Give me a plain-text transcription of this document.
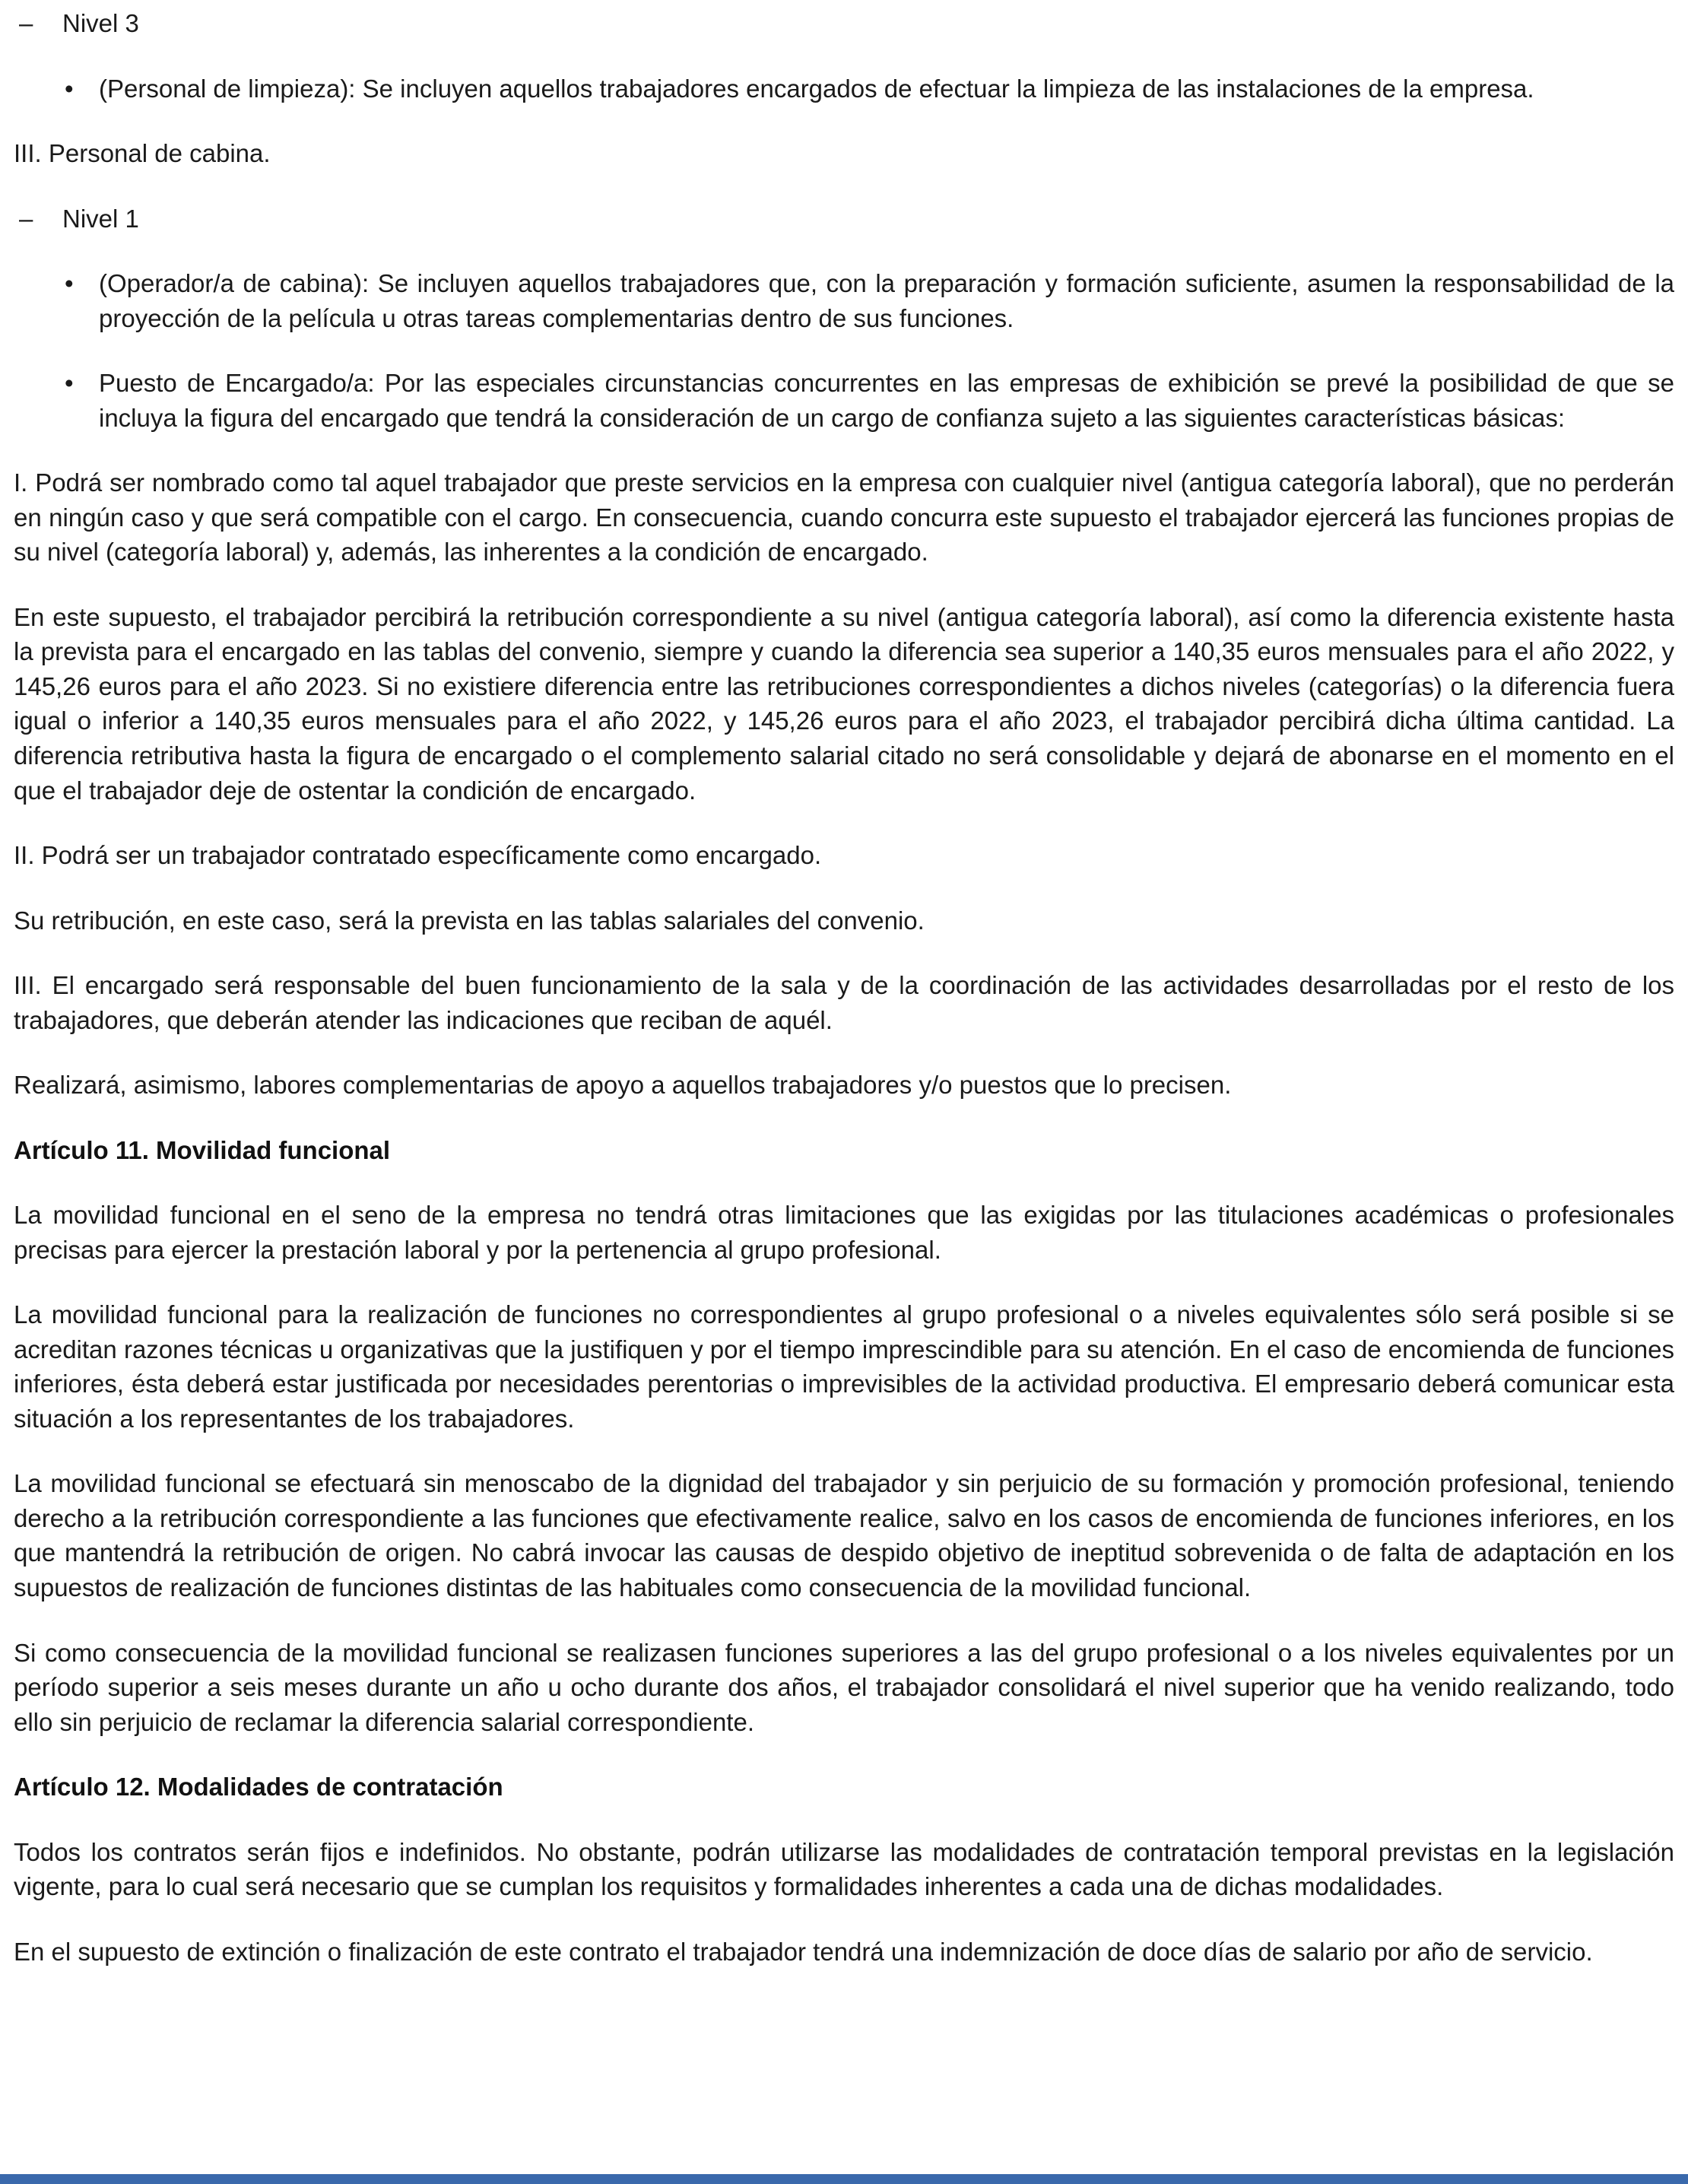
–	Nivel 3
•	(Personal de limpieza): Se incluyen aquellos trabajadores encargados de efectuar la limpieza de las instalaciones de la empresa.

III. Personal de cabina.

–	Nivel 1
•	(Operador/a de cabina): Se incluyen aquellos trabajadores que, con la preparación y formación suficiente, asumen la responsabilidad de la proyección de la película u otras tareas complementarias dentro de sus funciones.
•	Puesto de Encargado/a: Por las especiales circunstancias concurrentes en las empresas de exhibición se prevé la posibilidad de que se incluya la figura del encargado que tendrá la consideración de un cargo de confianza sujeto a las siguientes características básicas:

I. Podrá ser nombrado como tal aquel trabajador que preste servicios en la empresa con cualquier nivel (antigua categoría laboral), que no perderán en ningún caso y que será compatible con el cargo. En consecuencia, cuando concurra este supuesto el trabajador ejercerá las funciones propias de su nivel (categoría laboral) y, además, las inherentes a la condición de encargado.

En este supuesto, el trabajador percibirá la retribución correspondiente a su nivel (antigua categoría laboral), así como la diferencia existente hasta la prevista para el encargado en las tablas del convenio, siempre y cuando la diferencia sea superior a 140,35 euros mensuales para el año 2022, y 145,26 euros para el año 2023. Si no existiere diferencia entre las retribuciones correspondientes a dichos niveles (categorías) o la diferencia fuera igual o inferior a 140,35 euros mensuales para el año 2022, y 145,26 euros para el año 2023, el trabajador percibirá dicha última cantidad. La diferencia retributiva hasta la figura de encargado o el complemento salarial citado no será consolidable y dejará de abonarse en el momento en el que el trabajador deje de ostentar la condición de encargado.

II. Podrá ser un trabajador contratado específicamente como encargado.

Su retribución, en este caso, será la prevista en las tablas salariales del convenio.

III. El encargado será responsable del buen funcionamiento de la sala y de la coordinación de las actividades desarrolladas por el resto de los trabajadores, que deberán atender las indicaciones que reciban de aquél.

Realizará, asimismo, labores complementarias de apoyo a aquellos trabajadores y/o puestos que lo precisen.

Artículo 11. Movilidad funcional

La movilidad funcional en el seno de la empresa no tendrá otras limitaciones que las exigidas por las titulaciones académicas o profesionales precisas para ejercer la prestación laboral y por la pertenencia al grupo profesional.

La movilidad funcional para la realización de funciones no correspondientes al grupo profesional o a niveles equivalentes sólo será posible si se acreditan razones técnicas u organizativas que la justifiquen y por el tiempo imprescindible para su atención. En el caso de encomienda de funciones inferiores, ésta deberá estar justificada por necesidades perentorias o imprevisibles de la actividad productiva. El empresario deberá comunicar esta situación a los representantes de los trabajadores.

La movilidad funcional se efectuará sin menoscabo de la dignidad del trabajador y sin perjuicio de su formación y promoción profesional, teniendo derecho a la retribución correspondiente a las funciones que efectivamente realice, salvo en los casos de encomienda de funciones inferiores, en los que mantendrá la retribución de origen. No cabrá invocar las causas de despido objetivo de ineptitud sobrevenida o de falta de adaptación en los supuestos de realización de funciones distintas de las habituales como consecuencia de la movilidad funcional.

Si como consecuencia de la movilidad funcional se realizasen funciones superiores a las del grupo profesional o a los niveles equivalentes por un período superior a seis meses durante un año u ocho durante dos años, el trabajador consolidará el nivel superior que ha venido realizando, todo ello sin perjuicio de reclamar la diferencia salarial correspondiente.

Artículo 12. Modalidades de contratación

Todos los contratos serán fijos e indefinidos. No obstante, podrán utilizarse las modalidades de contratación temporal previstas en la legislación vigente, para lo cual será necesario que se cumplan los requisitos y formalidades inherentes a cada una de dichas modalidades.

En el supuesto de extinción o finalización de este contrato el trabajador tendrá una indemnización de doce días de salario por año de servicio.
